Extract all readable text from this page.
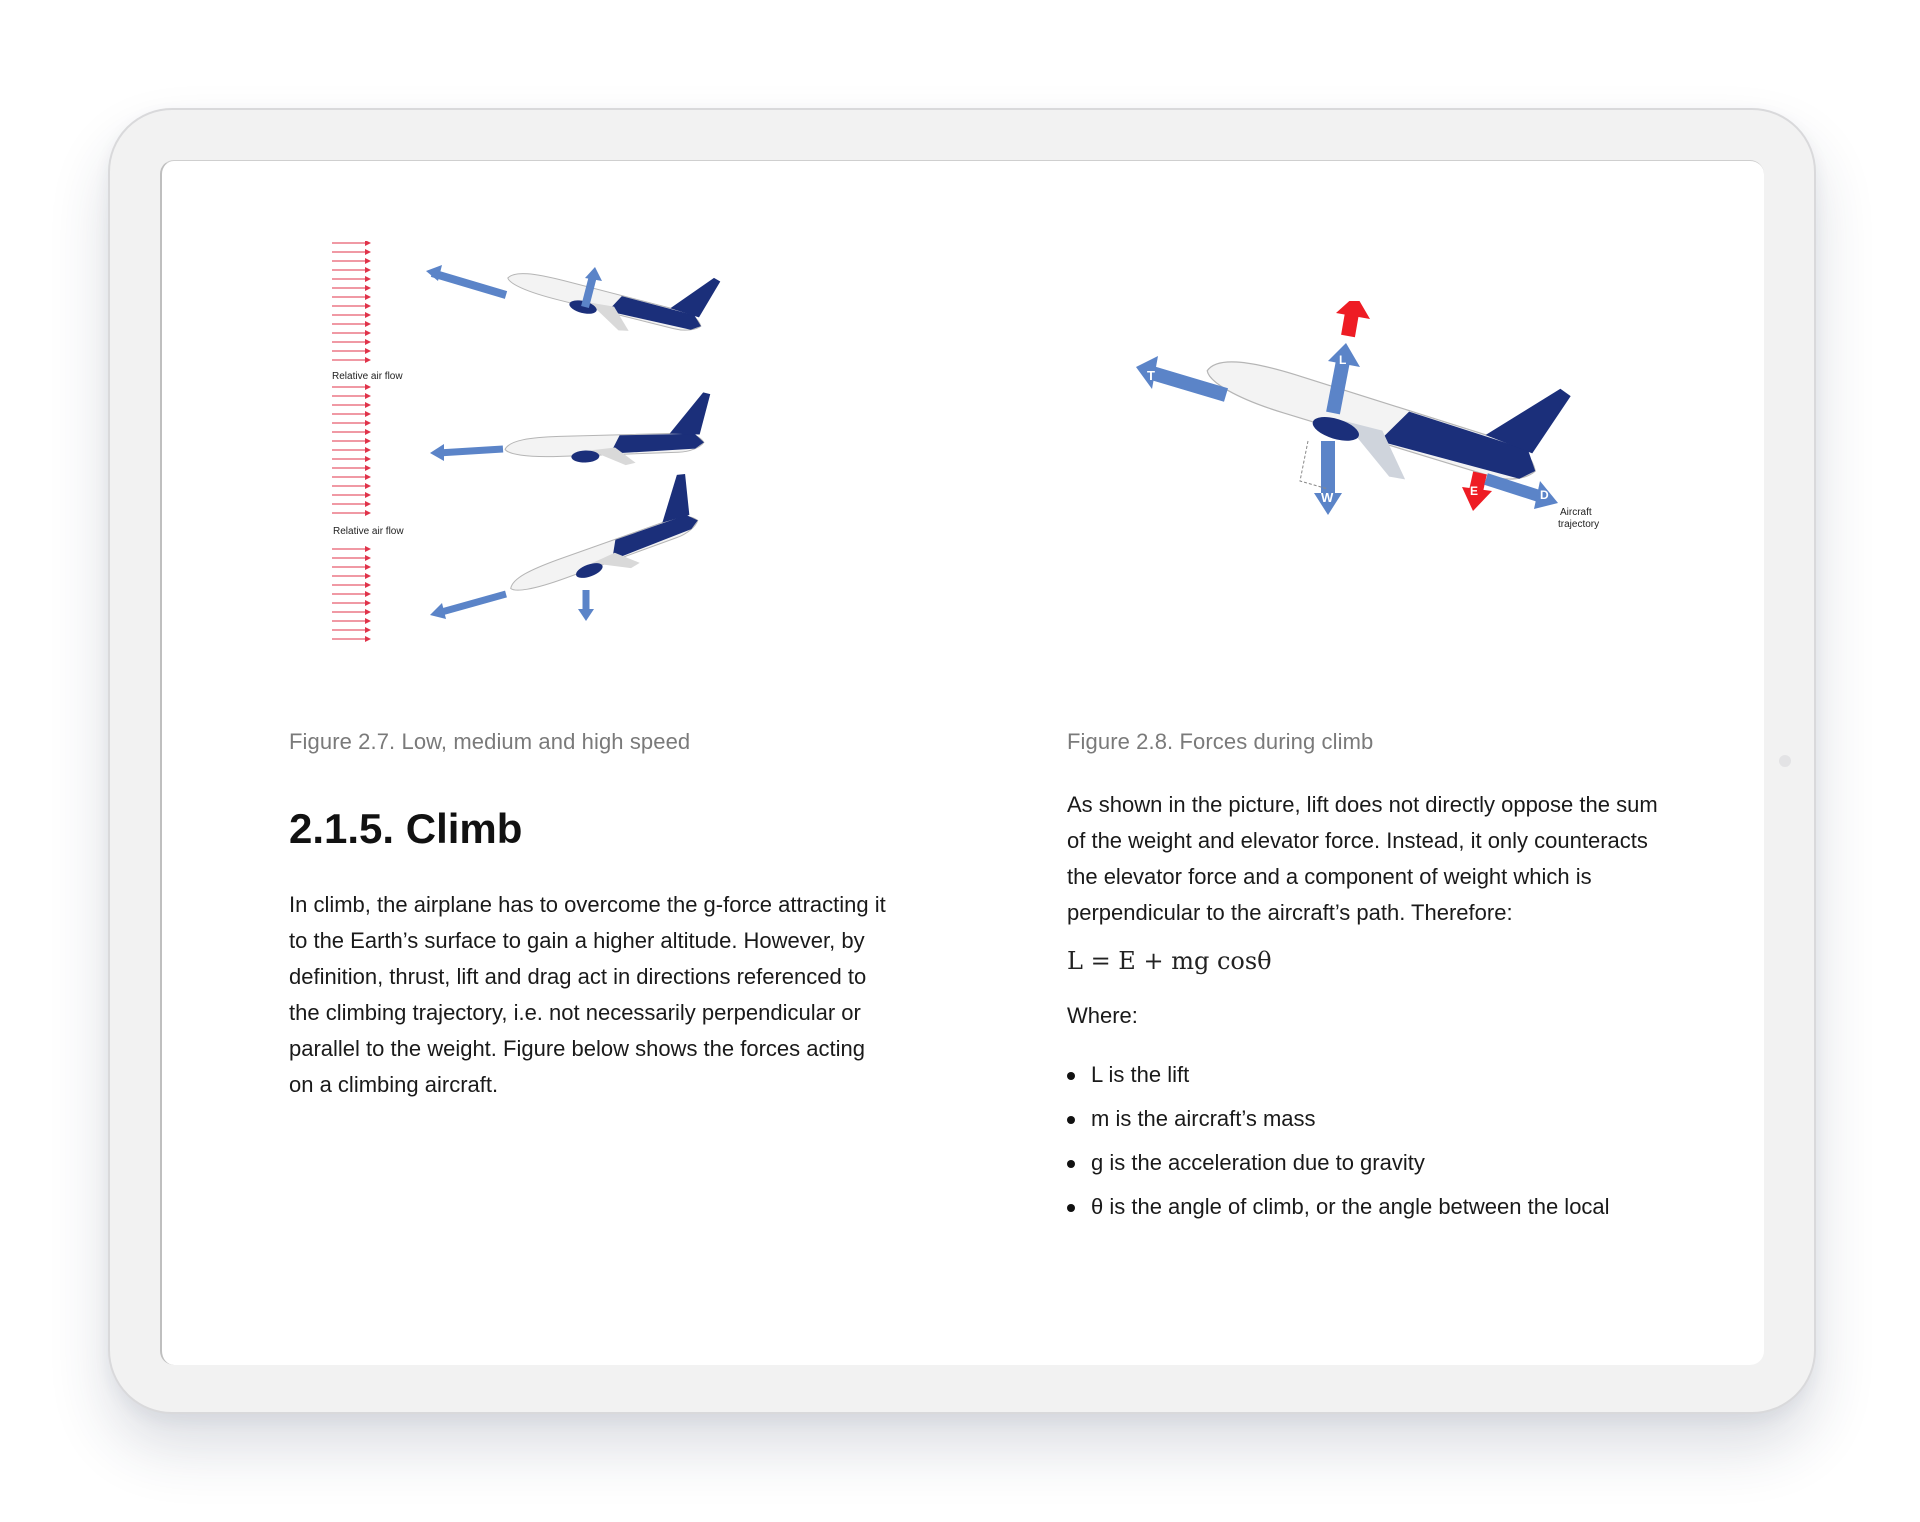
Relative air flow
Relative air flow
T
L
W	E	D
Aircraft
trajectory
Figure 2.7. Low, medium and high speed	Figure 2.8. Forces during climb
2.1.5. Climb

In climb, the airplane has to overcome the g-force attracting it to the Earth’s surface to gain a higher altitude. However, by definition, thrust, lift and drag act in directions referenced to the climbing trajectory, i.e. not necessarily perpendicular or parallel to the weight. Figure below shows the forces acting on a climbing aircraft.

As shown in the picture, lift does not directly oppose the sum of the weight and elevator force. Instead, it only counteracts the elevator force and a component of weight which is perpendicular to the aircraft’s path. Therefore:

L = E + mg cosθ
Where:
L is the lift
m is the aircraft’s mass
g is the acceleration due to gravity
θ is the angle of climb, or the angle between the local
